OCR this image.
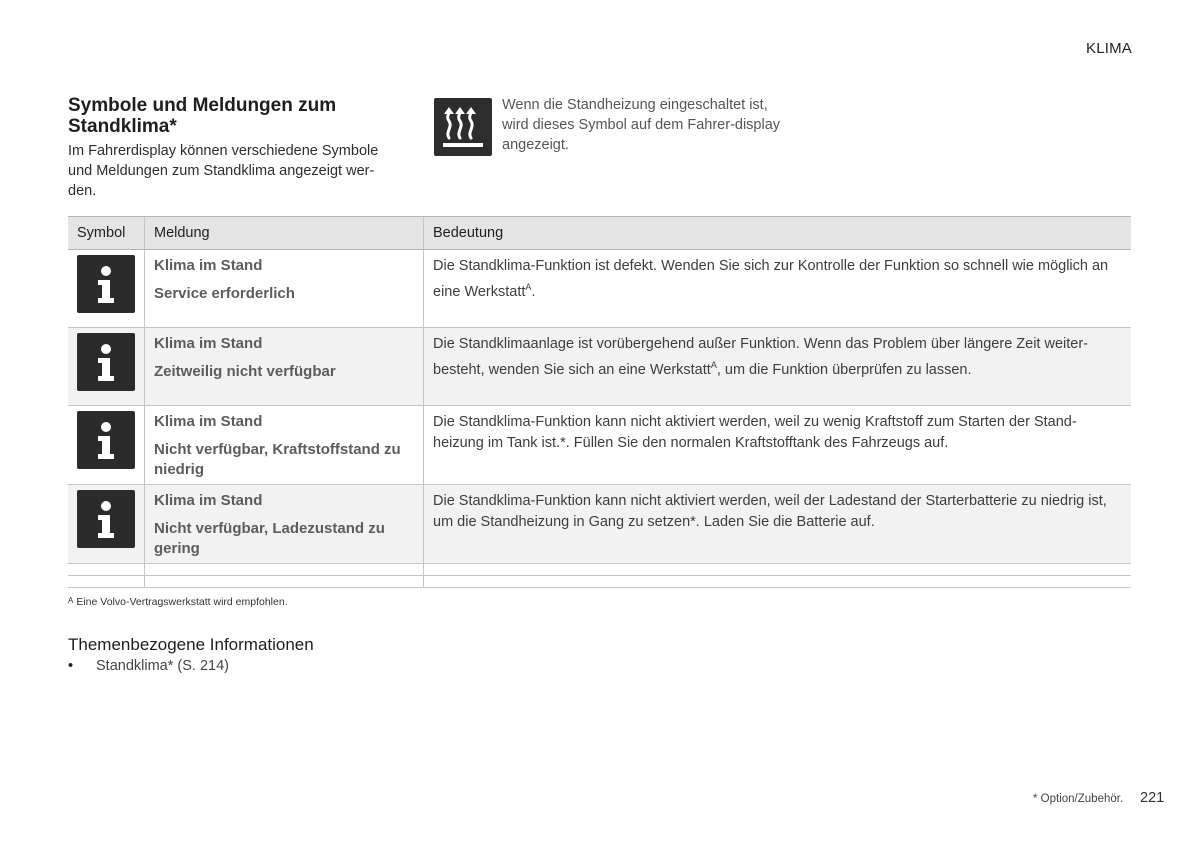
KLIMA
Symbole und Meldungen zum Standklima*
Im Fahrerdisplay können verschiedene Symbole und Meldungen zum Standklima angezeigt wer-den.
Wenn die Standheizung eingeschaltet ist, wird dieses Symbol auf dem Fahrer-display angezeigt.
Symbol	Meldung	Bedeutung

Klima im Stand
Service erforderlich	Die Standklima-Funktion ist defekt. Wenden Sie sich zur Kontrolle der Funktion so schnell wie möglich an eine Werkstatt$^A$.

Klima im Stand
Zeitweilig nicht verfügbar	Die Standklimaanlage ist vorübergehend außer Funktion. Wenn das Problem über längere Zeit weiter-besteht, wenden Sie sich an eine Werkstatt$^A$, um die Funktion überprüfen zu lassen.

Klima im Stand
Nicht verfügbar, Kraftstoffstand zu niedrig	Die Standklima-Funktion kann nicht aktiviert werden, weil zu wenig Kraftstoff zum Starten der Stand-heizung im Tank ist.*. Füllen Sie den normalen Kraftstofftank des Fahrzeugs auf.

Klima im Stand
Nicht verfügbar, Ladezustand zu gering	Die Standklima-Funktion kann nicht aktiviert werden, weil der Ladestand der Starterbatterie zu niedrig ist, um die Standheizung in Gang zu setzen*. Laden Sie die Batterie auf.

$^A$ Eine Volvo-Vertragswerkstatt wird empfohlen.
Themenbezogene Informationen
• Standklima* (S. 214)
* Option/Zubehör. 221
